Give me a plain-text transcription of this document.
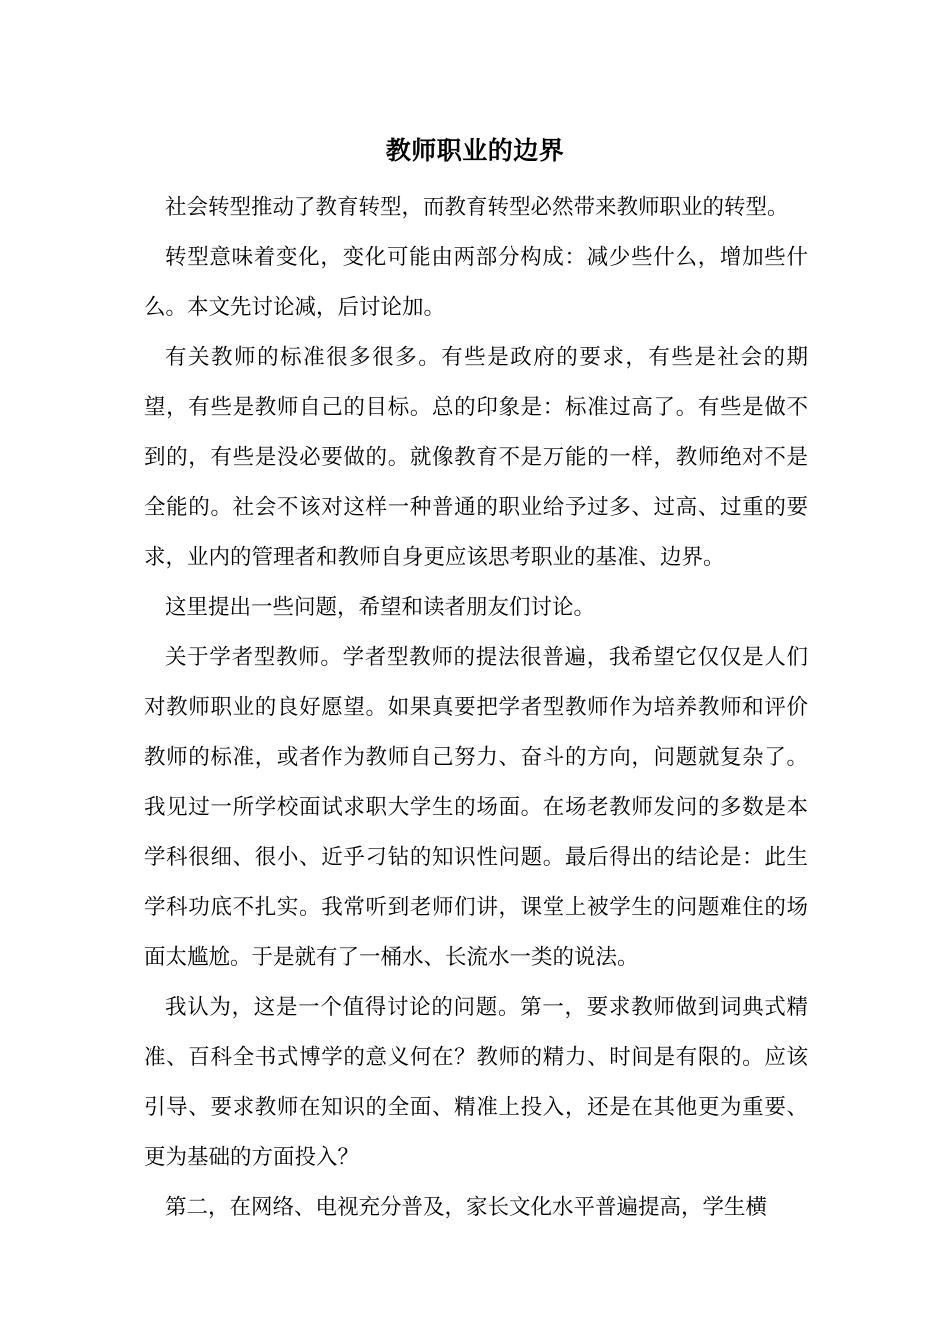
教师职业的边界

社会转型推动了教育转型，而教育转型必然带来教师职业的转型。

转型意味着变化，变化可能由两部分构成：减少些什么，增加些什么。本文先讨论减，后讨论加。

有关教师的标准很多很多。有些是政府的要求，有些是社会的期望，有些是教师自己的目标。总的印象是：标准过高了。有些是做不到的，有些是没必要做的。就像教育不是万能的一样，教师绝对不是全能的。社会不该对这样一种普通的职业给予过多、过高、过重的要求，业内的管理者和教师自身更应该思考职业的基准、边界。

这里提出一些问题，希望和读者朋友们讨论。

关于学者型教师。学者型教师的提法很普遍，我希望它仅仅是人们对教师职业的良好愿望。如果真要把学者型教师作为培养教师和评价教师的标准，或者作为教师自己努力、奋斗的方向，问题就复杂了。我见过一所学校面试求职大学生的场面。在场老教师发问的多数是本学科很细、很小、近乎刁钻的知识性问题。最后得出的结论是：此生学科功底不扎实。我常听到老师们讲，课堂上被学生的问题难住的场面太尴尬。于是就有了一桶水、长流水一类的说法。

我认为，这是一个值得讨论的问题。第一，要求教师做到词典式精准、百科全书式博学的意义何在？教师的精力、时间是有限的。应该引导、要求教师在知识的全面、精准上投入，还是在其他更为重要、更为基础的方面投入？

第二，在网络、电视充分普及，家长文化水平普遍提高，学生横
